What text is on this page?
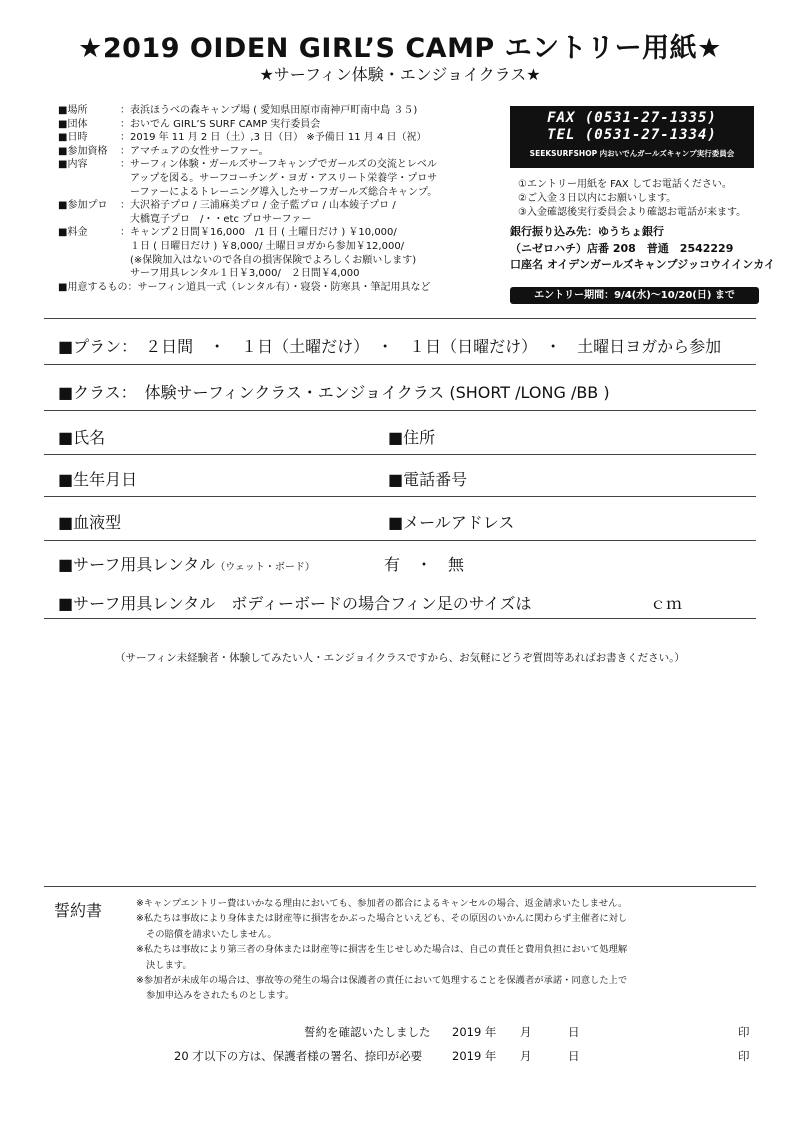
★2019 OIDEN GIRL’S CAMP エントリー用紙★
★サーフィン体験・エンジョイクラス★
■場所	：表浜ほうべの森キャンプ場 ( 愛知県田原市南神戸町南中島 ３５)
■団体	：おいでん GIRL’S SURF CAMP 実行委員会
■日時	：2019 年 11 月 2 日（土）,3 日（日） ※予備日 11 月 4 日（祝）
■参加資格	：アマチュアの女性サーファー。
■内容	：サーフィン体験・ガールズサーフキャンプでガールズの交流とレベル
　アップを図る。サーフコーチング・ヨガ・アスリート栄養学・プロサ
　ーファーによるトレーニング導入したサーフガールズ総合キャンプ。
■参加プロ	：大沢裕子プロ / 三浦麻美プロ / 金子藍プロ / 山本綾子プロ /
　大橋寛子プロ　/・・etc プロサーファー
■料金	：キャンプ２日間￥16,000　/1 日 ( 土曜日だけ ) ￥10,000/
　１日 ( 日曜日だけ ) ￥8,000/ 土曜日ヨガから参加￥12,000/
　(※保険加入はないので各自の損害保険でよろしくお願いします)
　サーフ用具レンタル１日￥3,000/　２日間￥4,000
■用意するもの ：サーフィン道具一式（レンタル有）・寝袋・防寒具・筆記用具など
FAX (0531-27-1335)
TEL (0531-27-1334)
SEEKSURFSHOP 内おいでんガールズキャンプ実行委員会
①エントリー用紙を FAX してお電話ください。
②ご入金３日以内にお願いします。
③入金確認後実行委員会より確認お電話が来ます。
銀行振り込み先：ゆうちょ銀行
（ニゼロハチ）店番 208　普通　2542229
口座名 オイデンガールズキャンプジッコウイインカイ
エントリー期間：9/4(水)〜10/20(日) まで
■プラン：　２日間　・　１日（土曜だけ）　・　１日（日曜だけ）　・　土曜日ヨガから参加
■クラス：　体験サーフィンクラス・エンジョイクラス (SHORT /LONG /BB )
■氏名	■住所
■生年月日	■電話番号
■血液型	■メールアドレス
■サーフ用具レンタル（ウェット・ボード）	有　・　無
■サーフ用具レンタル　ボディーボードの場合フィン足のサイズは	ｃｍ
（サーフィン未経験者・体験してみたい人・エンジョイクラスですから、お気軽にどうぞ質問等あればお書きください。）
誓約書	※キャンプエントリー費はいかなる理由においても、参加者の都合によるキャンセルの場合、返金請求いたしません。
※私たちは事故により身体または財産等に損害をかぶった場合といえども、その原因のいかんに関わらず主催者に対し
その賠償を請求いたしません。
※私たちは事故により第三者の身体または財産等に損害を生じせしめた場合は、自己の責任と費用負担において処理解
決します。
※参加者が未成年の場合は、事故等の発生の場合は保護者の責任において処理することを保護者が承諾・同意した上で
参加申込みをされたものとします。
誓約を確認いたしました 2019 年 月	日	印
20 才以下の方は、保護者様の署名、捺印が必要	2019 年 月	日	印
